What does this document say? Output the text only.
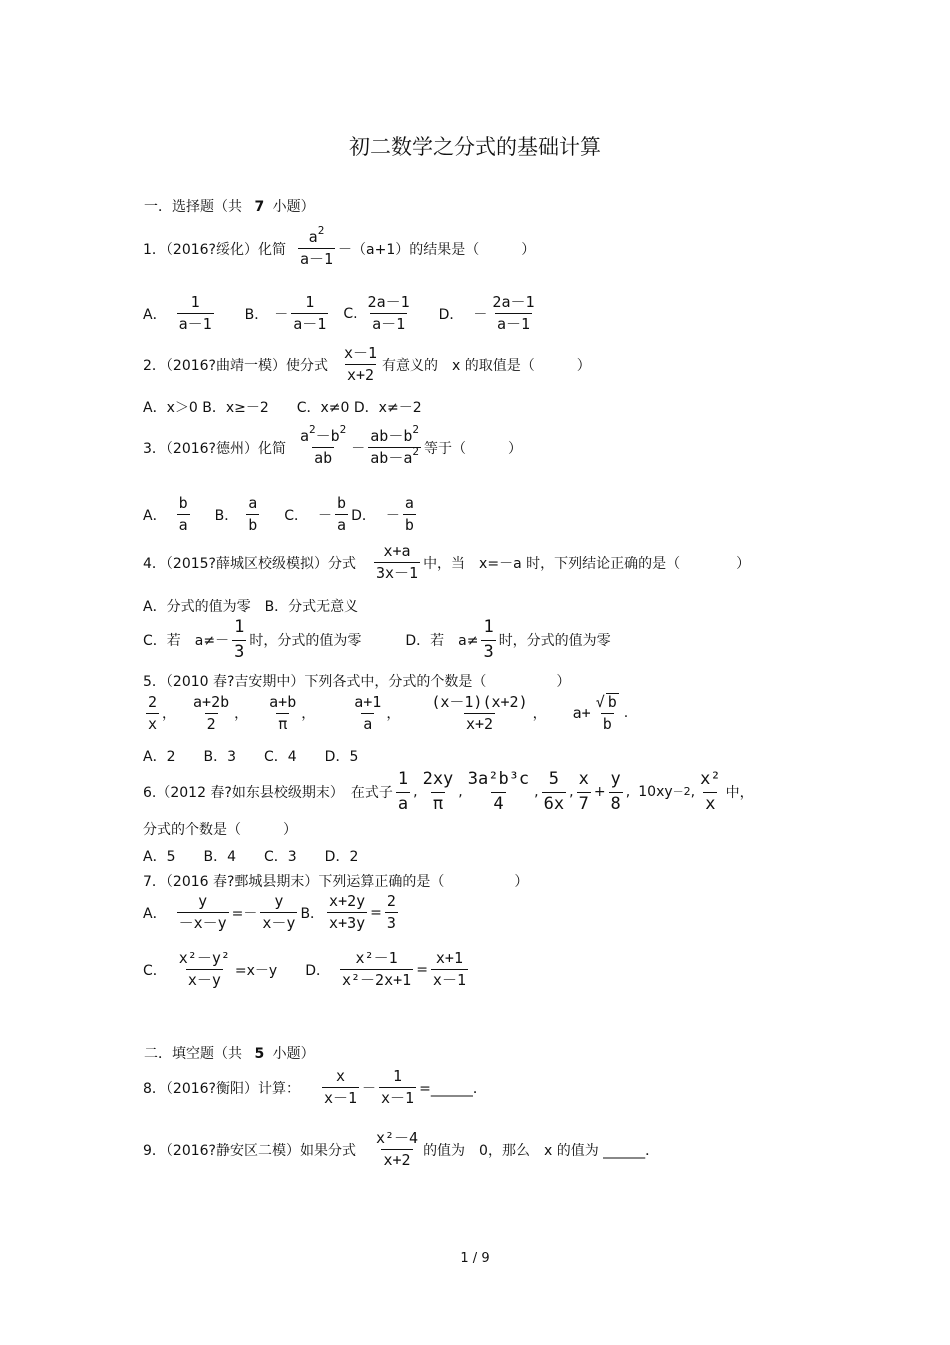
初二数学之分式的基础计算
一．选择题（共 7 小题）
1．（2016?绥化）化简 $\frac{a^2}{a-1} -(a+1)$的结果是（　　　）
A． $\frac{1}{a-1}$ B． － $\frac{1}{a-1} C$. $\frac{2a-1}{a-1}$ D． － $\frac{2a-1}{a-1}$
2．（2016?曲靖一模）使分式 $\frac{x-1}{x+2}$ 有意义的　x 的取值是（　　　）
A．x＞0 B．x≥－2　　C．x≠0 D．x≠－2
3．（2016?德州）化简 $\frac{a^2-b^2}{ab} - \frac{ab-b^2}{ab-a^2}$ 等于（　　　）
A． $\frac{b}{a}$ B． $\frac{a}{b}$ C． － $\frac{b}{a}$ D． － $\frac{a}{b}$
4．（2015?薛城区校级模拟）分式 $\frac{x+a}{3x-1}$ 中，当　x=－a 时，下列结论正确的是（　　　　）
A．分式的值为零　B．分式无意义
C．若　$a\ne- \frac{1}{3}$ 时，分式的值为零	D．若　$a\ne \frac{1}{3}$ 时，分式的值为零
5．（2010 春?吉安期中）下列各式中，分式的个数是（　　　　　）
$\frac{2}{x}$ ， $\frac{a+2b}{2}$ ， $\frac{a+b}{\pi}$ ， $\frac{a+1}{a}$ ， $\frac{(x-1)(x+2)}{x+2}$ ， $a+ \frac{√ b}{b}$ .
A．2　　B．3　　C．4　　D．5
6.（2012 春?如东县校级期末）　在式子 $\frac{1}{a}$ , $\frac{2xy}{\pi}$ , $\frac{\text{3a²b³c}}{4}$ , $\frac{5}{6x}$ , $\frac{x}{7} + \frac{y}{8}$ , 10xy －2 , $\frac{\text{x²}}{x}$ 中，
分式的个数是（　　　）
A．5　　B．4　　C．3　　D．2
7．（2016 春?鄄城县期末）下列运算正确的是（　　　　　）
A． $\frac{y}{-x-y} =- \frac{y}{x-y}$ B． $\frac{x+2y}{x+3y} = \frac{2}{3}$
C． $\frac{\text{x²－y²}}{x-y} =x-y$ D． $\frac{\text{x²－1}}{\text{x²－2x+1}} = \frac{x+1}{x-1}$
二．填空题（共 5 小题）
8．（2016?衡阳）计算： $\frac{x}{x-1} - \frac{1}{x-1}$ =______．
9．（2016?静安区二模）如果分式 $\frac{\text{x²－4}}{x+2}$ 的值为　0，那么　x 的值为 ______．
1 / 9
